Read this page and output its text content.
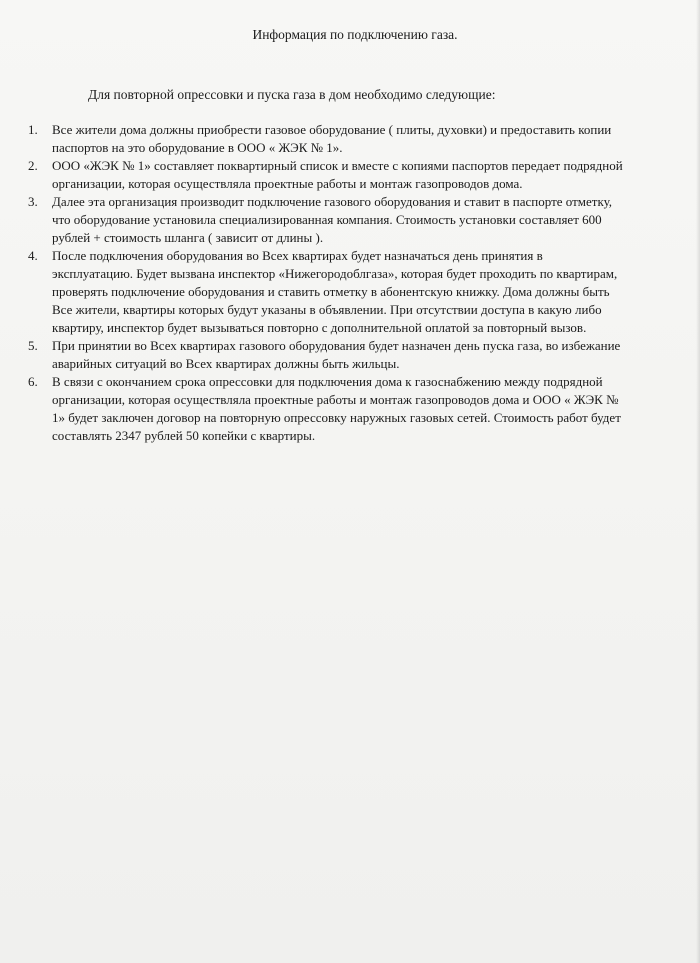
Информация по подключению газа.
Для повторной опрессовки и пуска газа в дом необходимо следующие:
1. Все жители дома должны приобрести газовое оборудование ( плиты, духовки) и предоставить копии паспортов на это оборудование в ООО « ЖЭК № 1».
2. ООО «ЖЭК № 1» составляет поквартирный список и вместе с копиями паспортов передает подрядной организации, которая осуществляла проектные работы и монтаж газопроводов дома.
3. Далее эта организация производит подключение газового оборудования и ставит в паспорте отметку, что оборудование установила специализированная компания. Стоимость установки составляет 600 рублей + стоимость шланга ( зависит от длины ).
4. После подключения оборудования во Всех квартирах будет назначаться день принятия в эксплуатацию. Будет вызвана инспектор «Нижегородоблгаза», которая будет проходить по квартирам, проверять подключение оборудования и ставить отметку в абонентскую книжку. Дома должны быть Все жители, квартиры которых будут указаны в объявлении. При отсутствии доступа в какую либо квартиру, инспектор будет вызываться повторно с дополнительной оплатой за повторный вызов.
5. При принятии во Всех квартирах газового оборудования будет назначен день пуска газа, во избежание аварийных ситуаций во Всех квартирах должны быть жильцы.
6. В связи с окончанием срока опрессовки для подключения дома к газоснабжению между подрядной организации, которая осуществляла проектные работы и монтаж газопроводов дома и ООО « ЖЭК № 1» будет заключен договор на повторную опрессовку наружных газовых сетей. Стоимость работ будет составлять 2347 рублей 50 копейки с квартиры.
